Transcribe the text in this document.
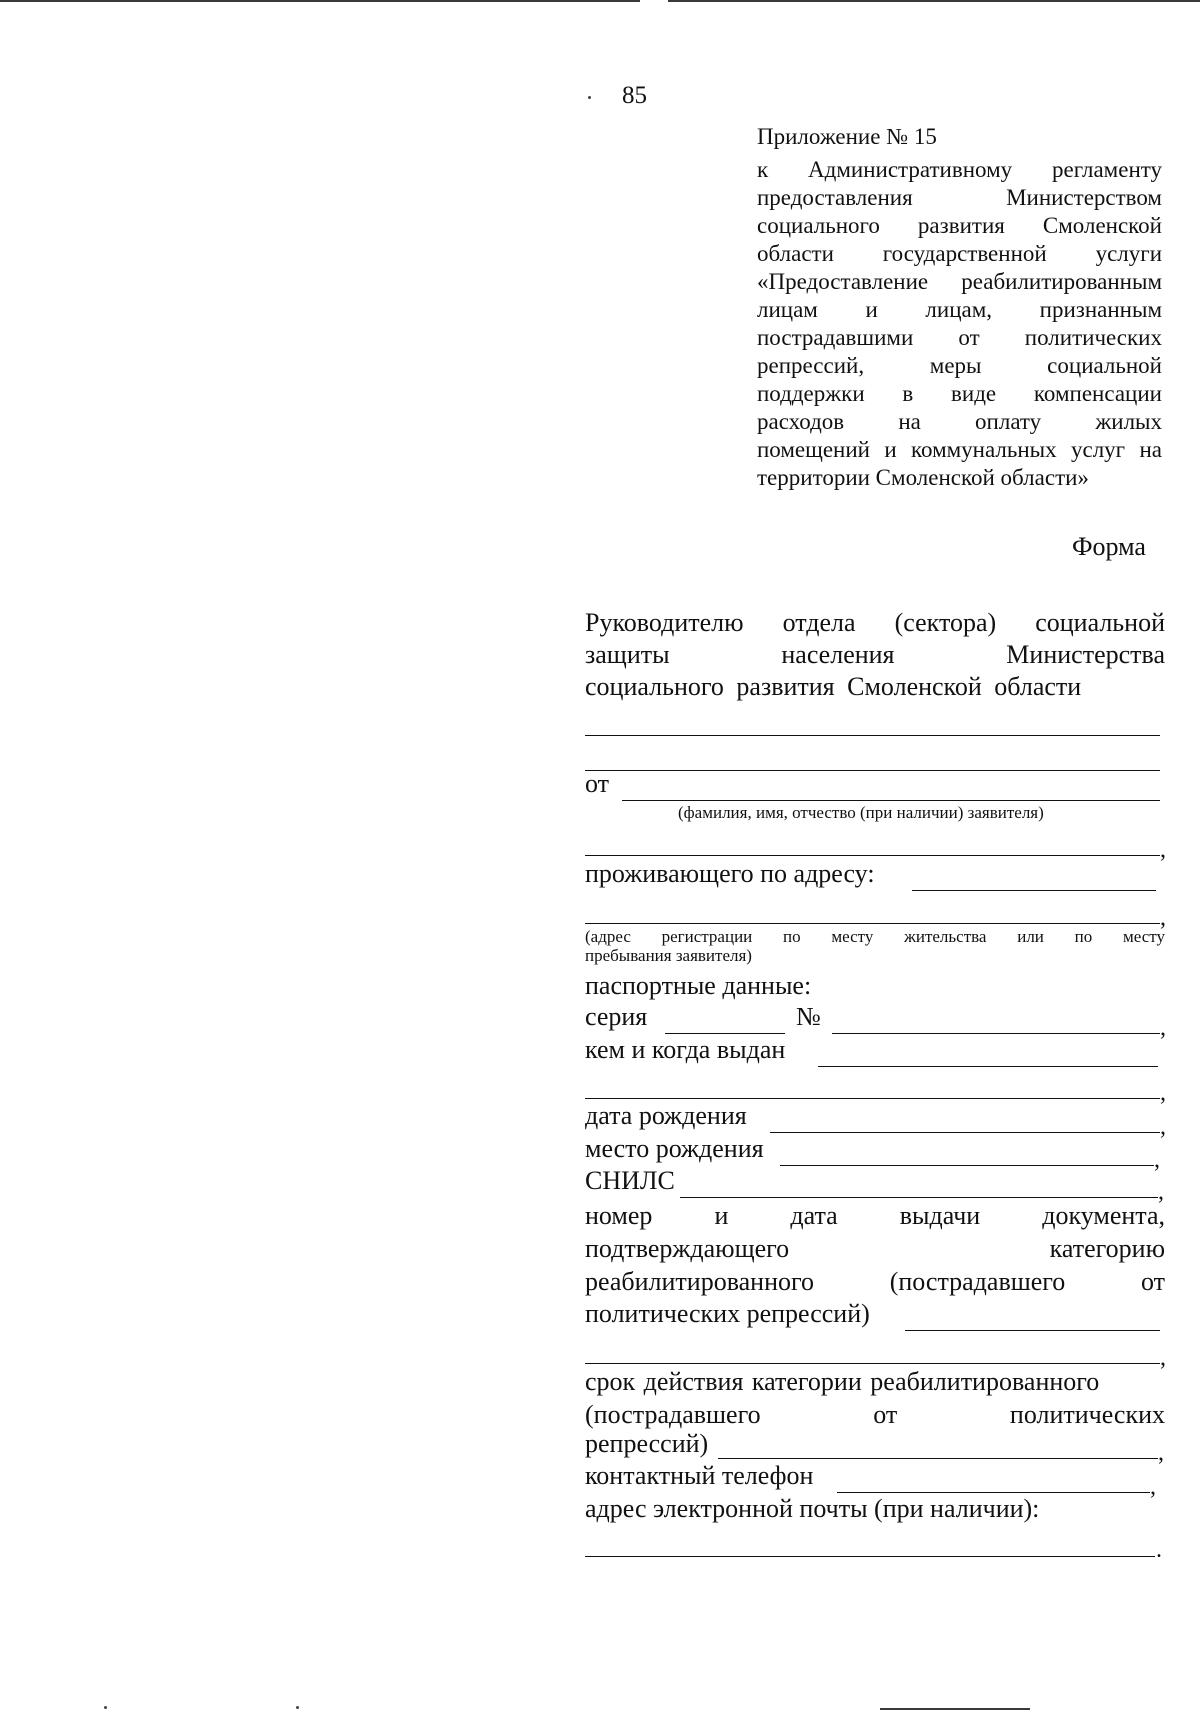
85
Приложение № 15
к Административному регламенту
предоставления Министерством
социального развития Смоленской
области государственной услуги
«Предоставление реабилитированным
лицам и лицам, признанным
пострадавшими от политических
репрессий, меры социальной
поддержки в виде компенсации
расходов на оплату жилых
помещений и коммунальных услуг на
территории Смоленской области»
Форма
Руководителю отдела (сектора) социальной
защиты населения Министерства
социального развития Смоленской области
от
(фамилия, имя, отчество (при наличии) заявителя)
,
проживающего по адресу:
,
(адрес регистрации по месту жительства или по месту
пребывания заявителя)
паспортные данные:
серия	№	,
кем и когда выдан
,
дата рождения	,
место рождения	,
СНИЛС	,
номер и дата выдачи документа,
подтверждающего категорию
реабилитированного (пострадавшего от
политических репрессий)
,
срок действия категории реабилитированного
(пострадавшего от политических
репрессий)	,
контактный телефон	,
адрес электронной почты (при наличии):
.
